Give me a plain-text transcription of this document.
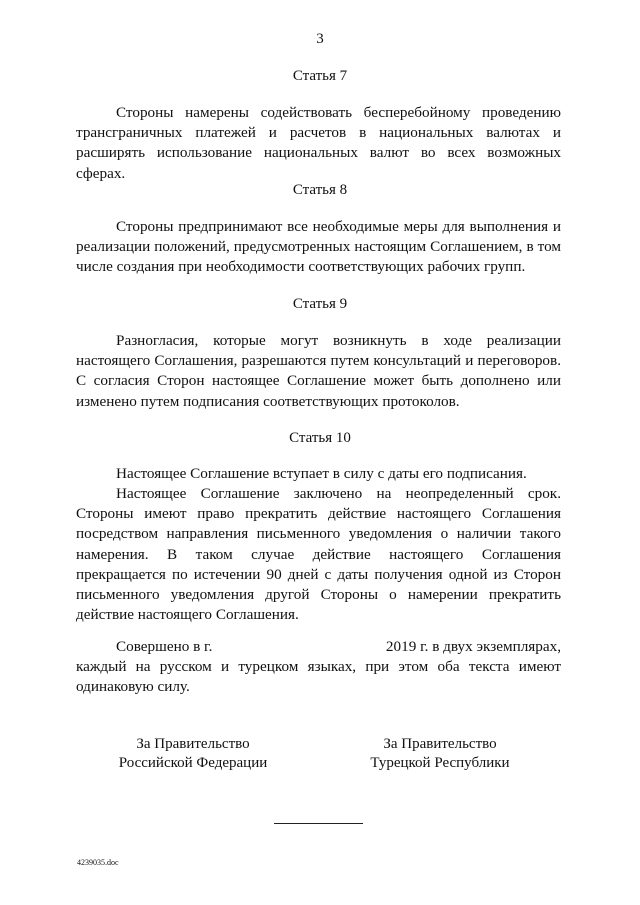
3
Статья 7

Стороны намерены содействовать бесперебойному проведению трансграничных платежей и расчетов в национальных валютах и расширять использование национальных валют во всех возможных сферах.

Статья 8

Стороны предпринимают все необходимые меры для выполнения и реализации положений, предусмотренных настоящим Соглашением, в том числе создания при необходимости соответствующих рабочих групп.

Статья 9

Разногласия, которые могут возникнуть в ходе реализации настоящего Соглашения, разрешаются путем консультаций и переговоров. С согласия Сторон настоящее Соглашение может быть дополнено или изменено путем подписания соответствующих протоколов.

Статья 10

Настоящее Соглашение вступает в силу с даты его подписания.

Настоящее Соглашение заключено на неопределенный срок. Стороны имеют право прекратить действие настоящего Соглашения посредством направления письменного уведомления о наличии такого намерения. В таком случае действие настоящего Соглашения прекращается по истечении 90 дней с даты получения одной из Сторон письменного уведомления другой Стороны о намерении прекратить действие настоящего Соглашения.

Совершено в г.	2019 г. в двух экземплярах,

каждый на русском и турецком языках, при этом оба текста имеют одинаковую силу.

За Правительство
Российской Федерации
За Правительство
Турецкой Республики
4239035.doc
